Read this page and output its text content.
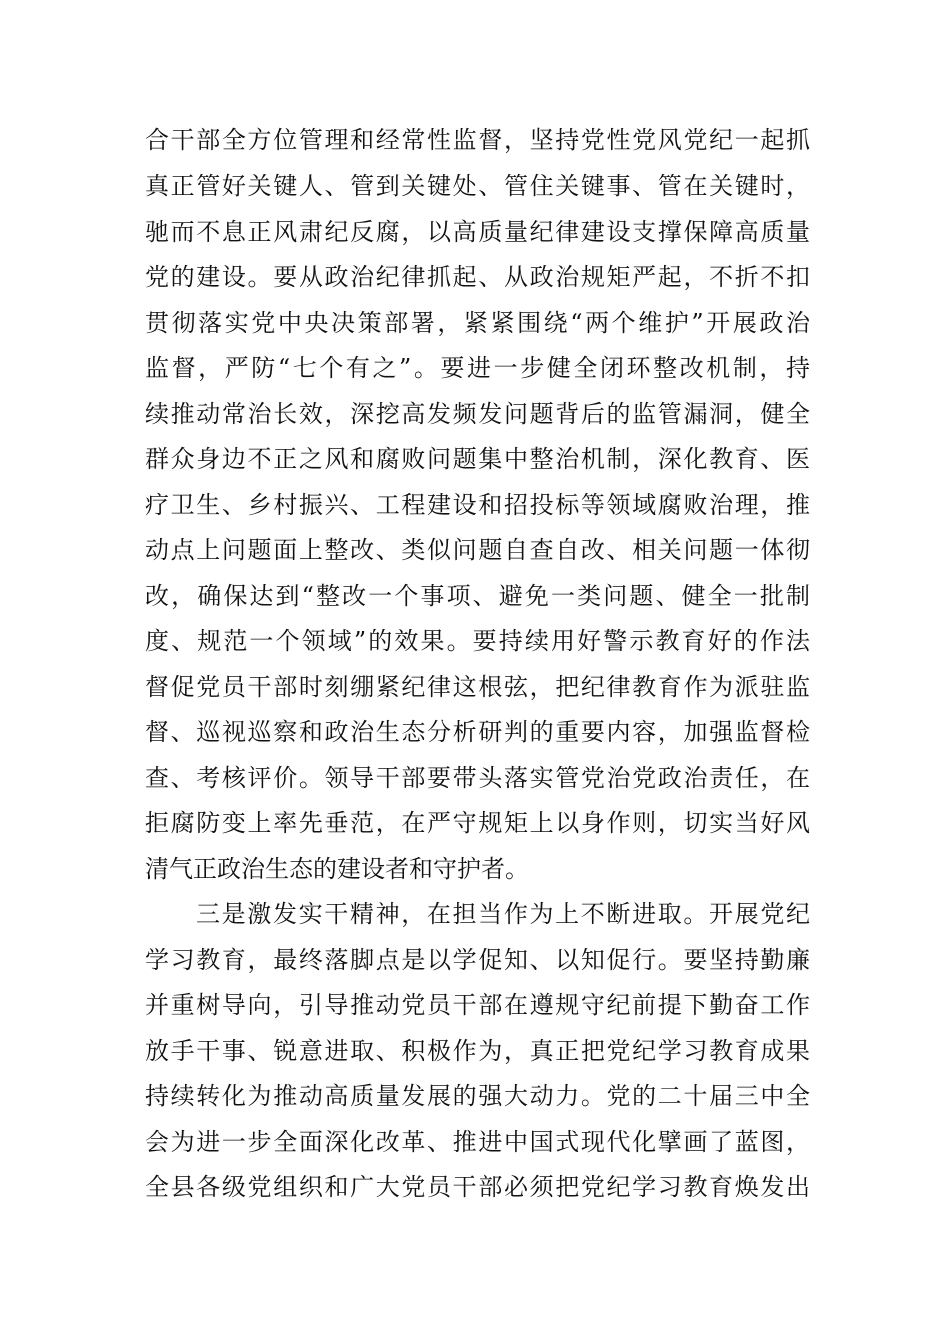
合干部全方位管理和经常性监督，坚持党性党风党纪一起抓
真正管好关键人、管到关键处、管住关键事、管在关键时，
驰而不息正风肃纪反腐，以高质量纪律建设支撑保障高质量
党的建设。要从政治纪律抓起、从政治规矩严起，不折不扣
贯彻落实党中央决策部署，紧紧围绕“两个维护”开展政治
监督，严防“七个有之”。要进一步健全闭环整改机制，持
续推动常治长效，深挖高发频发问题背后的监管漏洞，健全
群众身边不正之风和腐败问题集中整治机制，深化教育、医
疗卫生、乡村振兴、工程建设和招投标等领域腐败治理，推
动点上问题面上整改、类似问题自查自改、相关问题一体彻
改，确保达到“整改一个事项、避免一类问题、健全一批制
度、规范一个领域”的效果。要持续用好警示教育好的作法
督促党员干部时刻绷紧纪律这根弦，把纪律教育作为派驻监
督、巡视巡察和政治生态分析研判的重要内容，加强监督检
查、考核评价。领导干部要带头落实管党治党政治责任，在
拒腐防变上率先垂范，在严守规矩上以身作则，切实当好风
清气正政治生态的建设者和守护者。
三是激发实干精神，在担当作为上不断进取。开展党纪
学习教育，最终落脚点是以学促知、以知促行。要坚持勤廉
并重树导向，引导推动党员干部在遵规守纪前提下勤奋工作
放手干事、锐意进取、积极作为，真正把党纪学习教育成果
持续转化为推动高质量发展的强大动力。党的二十届三中全
会为进一步全面深化改革、推进中国式现代化擘画了蓝图，
全县各级党组织和广大党员干部必须把党纪学习教育焕发出
